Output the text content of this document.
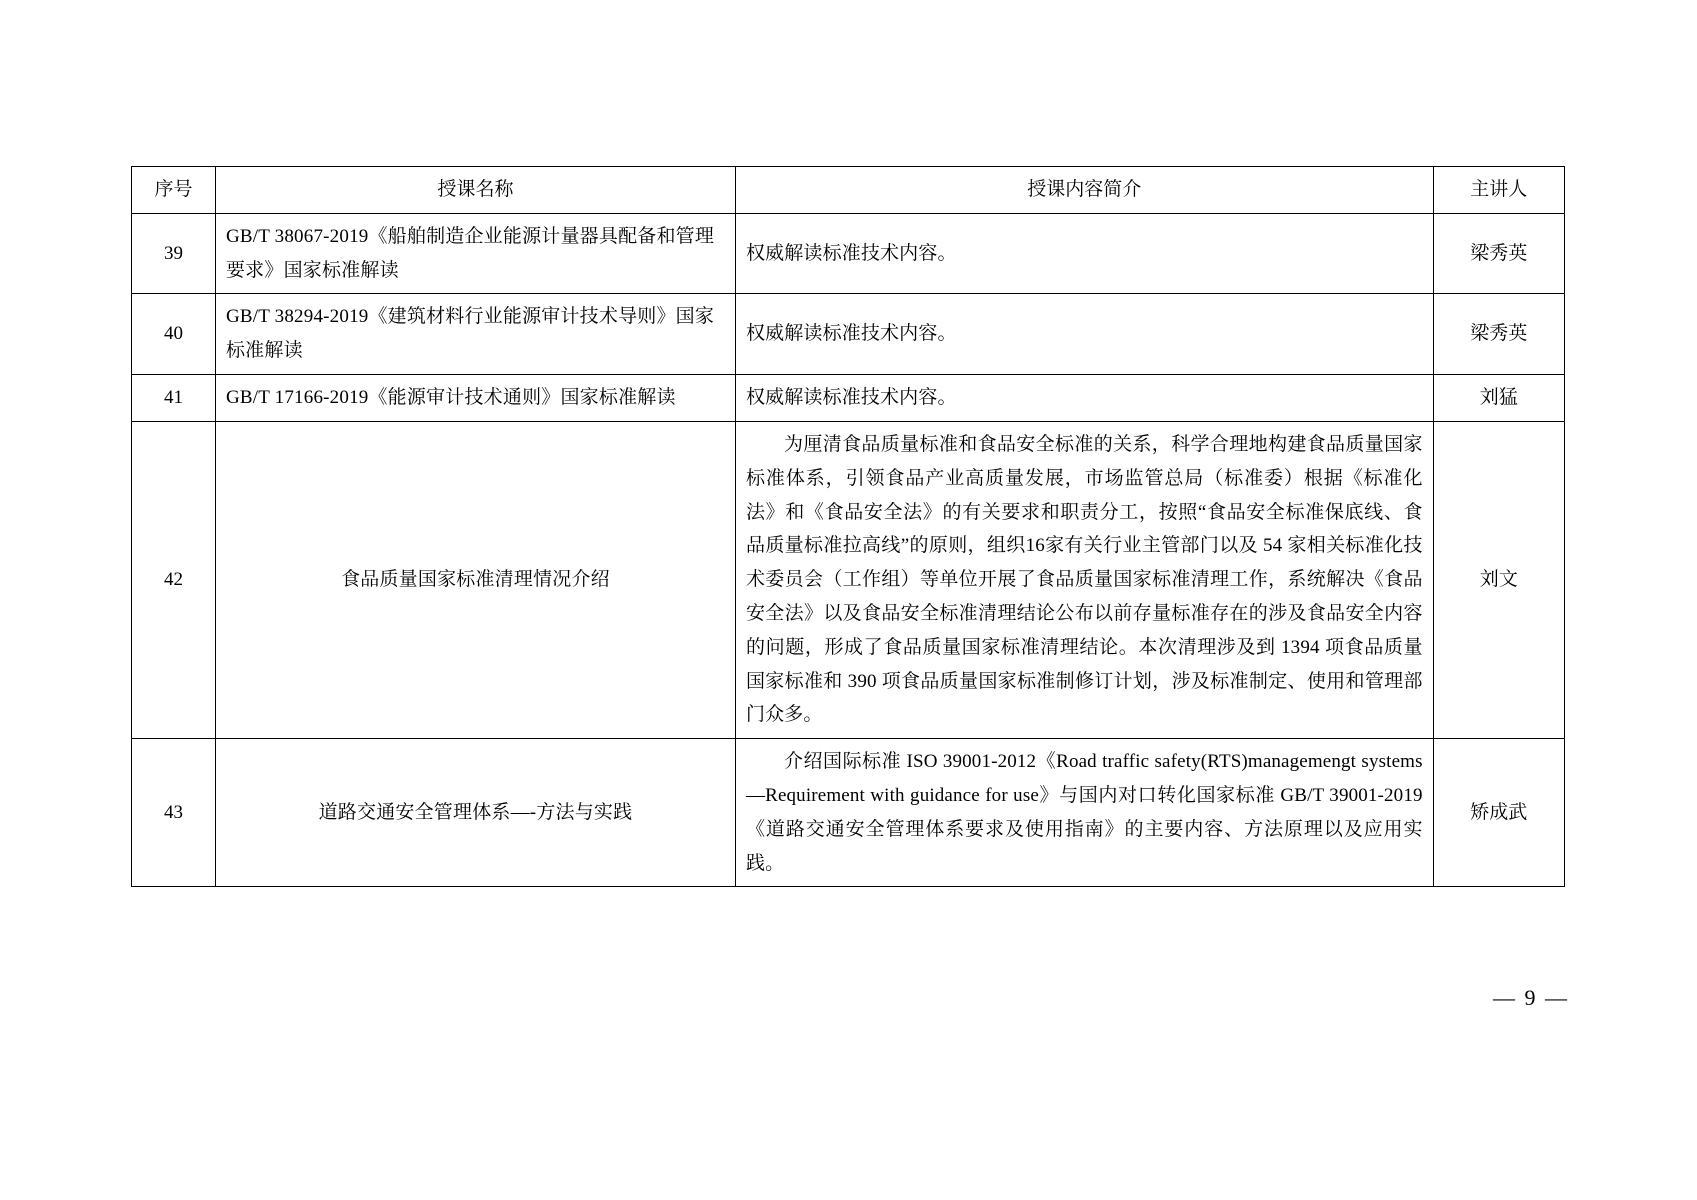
序号	授课名称	授课内容简介	主讲人
39	GB/T 38067-2019《船舶制造企业能源计量器具配备和管理要求》国家标准解读	权威解读标准技术内容。	梁秀英
40	GB/T 38294-2019《建筑材料行业能源审计技术导则》国家标准解读	权威解读标准技术内容。	梁秀英
41	GB/T 17166-2019《能源审计技术通则》国家标准解读	权威解读标准技术内容。	刘猛
42	食品质量国家标准清理情况介绍	为厘清食品质量标准和食品安全标准的关系，科学合理地构建食品质量国家标准体系，引领食品产业高质量发展，市场监管总局（标准委）根据《标准化法》和《食品安全法》的有关要求和职责分工，按照“食品安全标准保底线、食品质量标准拉高线”的原则，组织16家有关行业主管部门以及 54 家相关标准化技术委员会（工作组）等单位开展了食品质量国家标准清理工作，系统解决《食品安全法》以及食品安全标准清理结论公布以前存量标准存在的涉及食品安全内容的问题，形成了食品质量国家标准清理结论。本次清理涉及到 1394 项食品质量国家标准和 390 项食品质量国家标准制修订计划，涉及标准制定、使用和管理部门众多。	刘文
43	道路交通安全管理体系—-方法与实践	介绍国际标准 ISO 39001-2012《Road traffic safety(RTS)managemengt systems—Requirement with guidance for use》与国内对口转化国家标准 GB/T 39001-2019《道路交通安全管理体系要求及使用指南》的主要内容、方法原理以及应用实践。	矫成武
— 9 —
